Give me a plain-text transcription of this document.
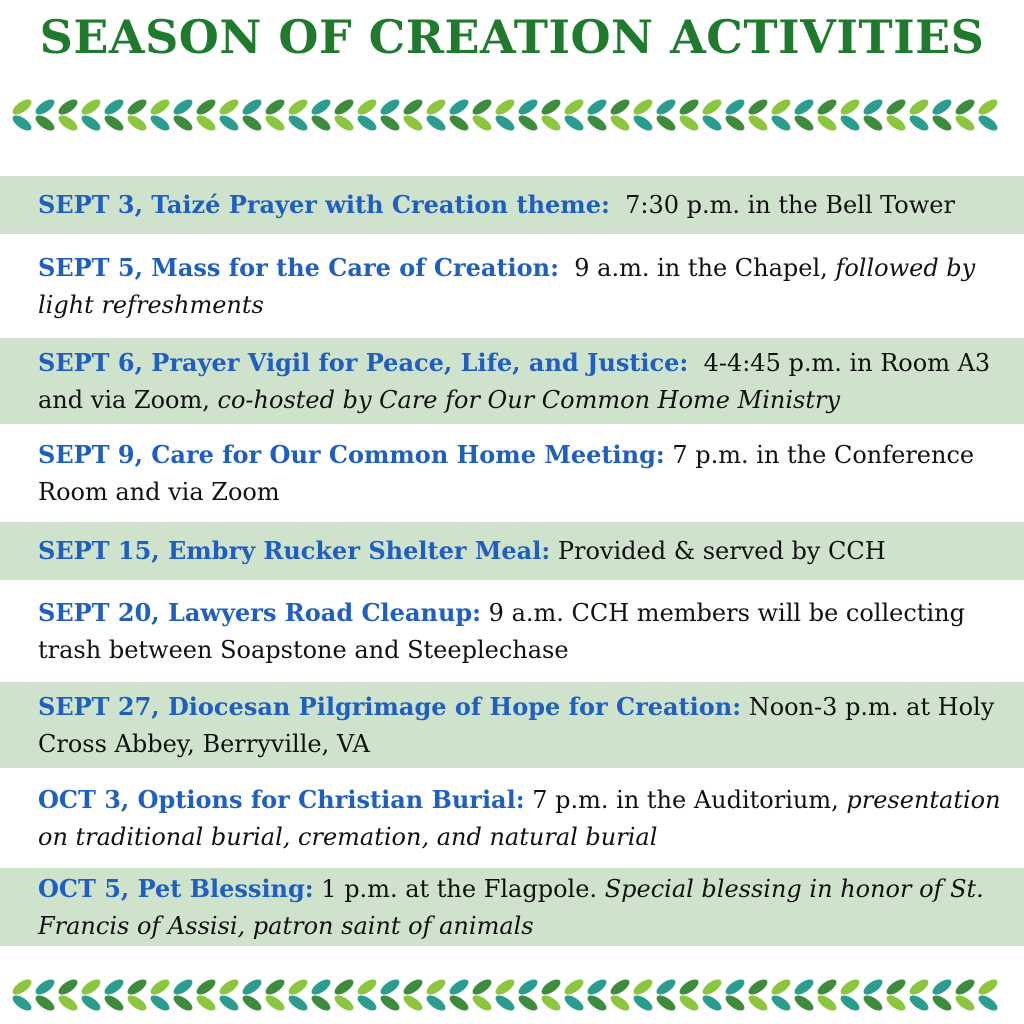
SEASON OF CREATION ACTIVITIES
SEPT 3, Taizé Prayer with Creation theme: 7:30 p.m. in the Bell Tower
SEPT 5, Mass for the Care of Creation: 9 a.m. in the Chapel, followed by light refreshments
SEPT 6, Prayer Vigil for Peace, Life, and Justice: 4-4:45 p.m. in Room A3 and via Zoom, co-hosted by Care for Our Common Home Ministry
SEPT 9, Care for Our Common Home Meeting: 7 p.m. in the Conference Room and via Zoom
SEPT 15, Embry Rucker Shelter Meal: Provided & served by CCH
SEPT 20, Lawyers Road Cleanup: 9 a.m. CCH members will be collecting trash between Soapstone and Steeplechase
SEPT 27, Diocesan Pilgrimage of Hope for Creation: Noon-3 p.m. at Holy Cross Abbey, Berryville, VA
OCT 3, Options for Christian Burial: 7 p.m. in the Auditorium, presentation on traditional burial, cremation, and natural burial
OCT 5, Pet Blessing: 1 p.m. at the Flagpole. Special blessing in honor of St. Francis of Assisi, patron saint of animals
